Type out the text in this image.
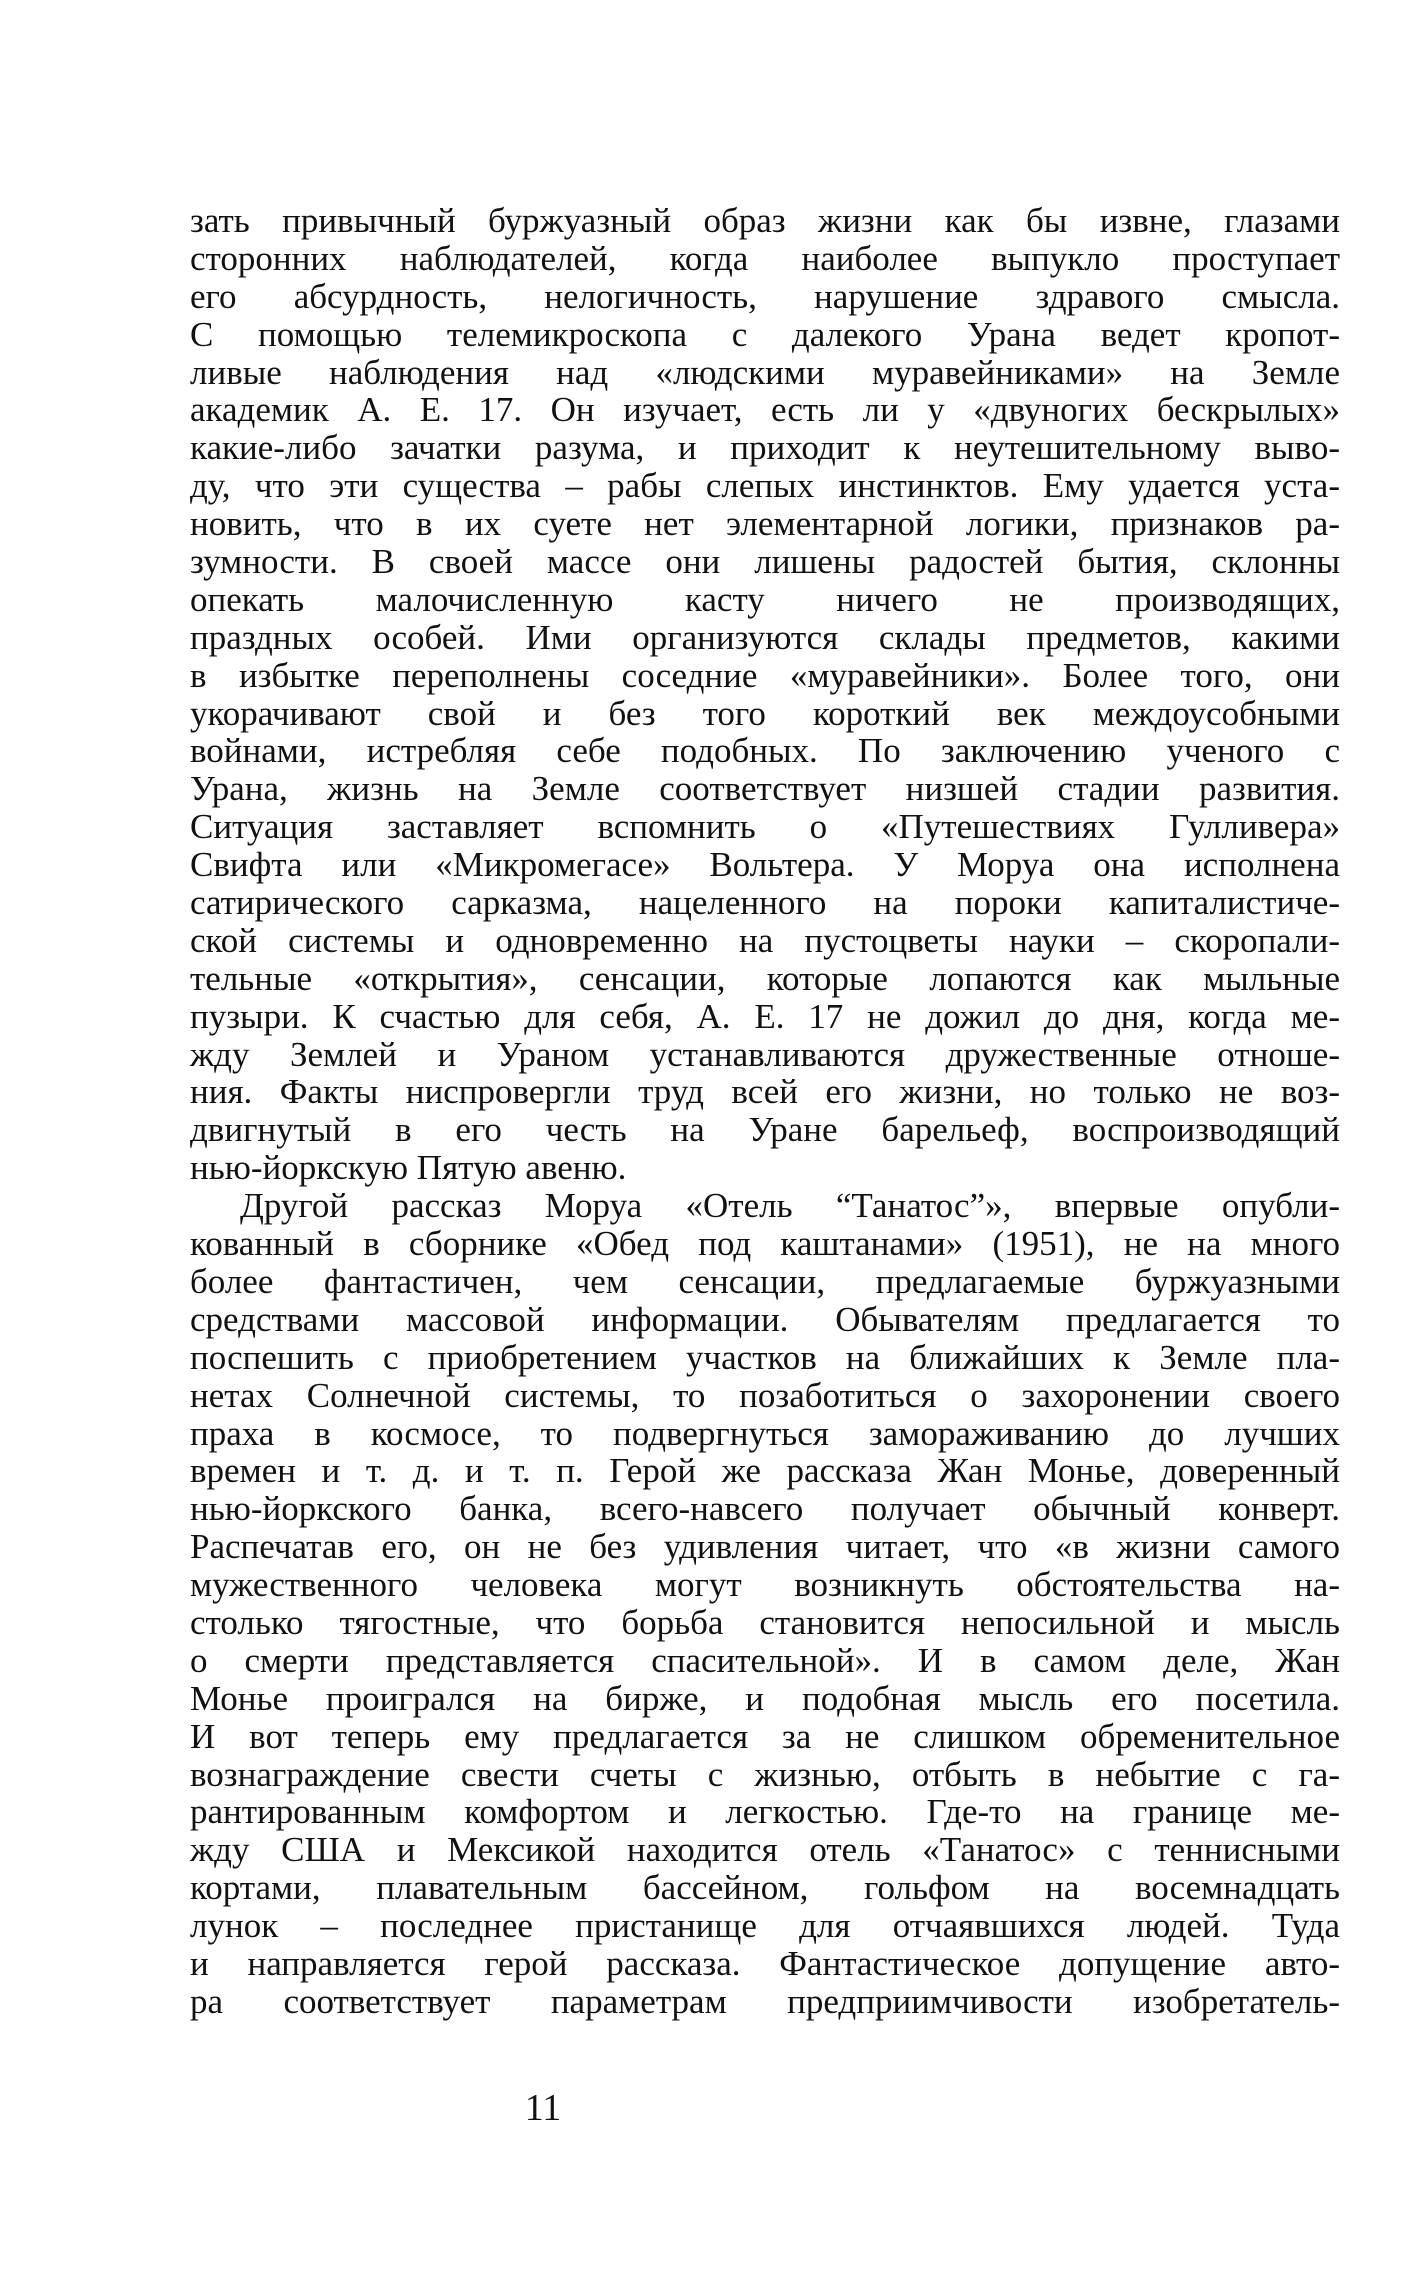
зать привычный буржуазный образ жизни как бы извне, глазами
сторонних наблюдателей, когда наиболее выпукло проступает
его абсурдность, нелогичность, нарушение здравого смысла.
С помощью телемикроскопа с далекого Урана ведет кропот-
ливые наблюдения над «людскими муравейниками» на Земле
академик А. Е. 17. Он изучает, есть ли у «двуногих бескрылых»
какие-либо зачатки разума, и приходит к неутешительному выво-
ду, что эти существа – рабы слепых инстинктов. Ему удается уста-
новить, что в их суете нет элементарной логики, признаков ра-
зумности. В своей массе они лишены радостей бытия, склонны
опекать малочисленную касту ничего не производящих,
праздных особей. Ими организуются склады предметов, какими
в избытке переполнены соседние «муравейники». Более того, они
укорачивают свой и без того короткий век междоусобными
войнами, истребляя себе подобных. По заключению ученого с
Урана, жизнь на Земле соответствует низшей стадии развития.
Ситуация заставляет вспомнить о «Путешествиях Гулливера»
Свифта или «Микромегасе» Вольтера. У Моруа она исполнена
сатирического сарказма, нацеленного на пороки капиталистиче-
ской системы и одновременно на пустоцветы науки – скоропали-
тельные «открытия», сенсации, которые лопаются как мыльные
пузыри. К счастью для себя, А. Е. 17 не дожил до дня, когда ме-
жду Землей и Ураном устанавливаются дружественные отноше-
ния. Факты ниспровергли труд всей его жизни, но только не воз-
двигнутый в его честь на Уране барельеф, воспроизводящий
нью-йоркскую Пятую авеню.
Другой рассказ Моруа «Отель “Танатос”», впервые опубли-
кованный в сборнике «Обед под каштанами» (1951), не на много
более фантастичен, чем сенсации, предлагаемые буржуазными
средствами массовой информации. Обывателям предлагается то
поспешить с приобретением участков на ближайших к Земле пла-
нетах Солнечной системы, то позаботиться о захоронении своего
праха в космосе, то подвергнуться замораживанию до лучших
времен и т. д. и т. п. Герой же рассказа Жан Монье, доверенный
нью-йоркского банка, всего-навсего получает обычный конверт.
Распечатав его, он не без удивления читает, что «в жизни самого
мужественного человека могут возникнуть обстоятельства на-
столько тягостные, что борьба становится непосильной и мысль
о смерти представляется спасительной». И в самом деле, Жан
Монье проигрался на бирже, и подобная мысль его посетила.
И вот теперь ему предлагается за не слишком обременительное
вознаграждение свести счеты с жизнью, отбыть в небытие с га-
рантированным комфортом и легкостью. Где-то на границе ме-
жду США и Мексикой находится отель «Танатос» с теннисными
кортами, плавательным бассейном, гольфом на восемнадцать
лунок – последнее пристанище для отчаявшихся людей. Туда
и направляется герой рассказа. Фантастическое допущение авто-
ра соответствует параметрам предприимчивости изобретатель-
11
